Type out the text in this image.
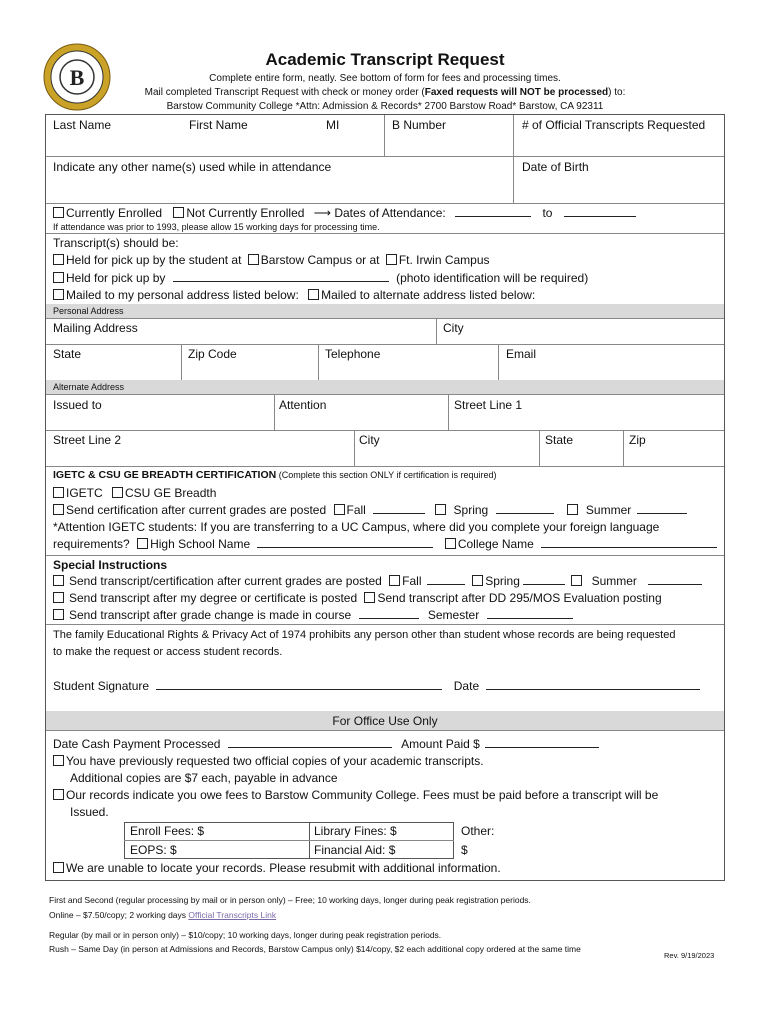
B
Academic Transcript Request
Complete entire form, neatly. See bottom of form for fees and processing times.
Mail completed Transcript Request with check or money order (Faxed requests will NOT be processed) to:
Barstow Community College *Attn: Admission & Records* 2700 Barstow Road* Barstow, CA 92311
Last Name	First Name	MI	B Number	# of Official Transcripts Requested
Indicate any other name(s) used while in attendance	Date of Birth
Currently Enrolled Not Currently Enrolled ⟶ Dates of Attendance:	to
If attendance was prior to 1993, please allow 15 working days for processing time.
Transcript(s) should be:
Held for pick up by the student at Barstow Campus or at Ft. Irwin Campus
Held for pick up by	(photo identification will be required)
Mailed to my personal address listed below: Mailed to alternate address listed below:
Personal Address
Mailing Address	City
State	Zip Code	Telephone	Email
Alternate Address
Issued to	Attention	Street Line 1
Street Line 2	City	State	Zip
IGETC & CSU GE BREADTH CERTIFICATION (Complete this section ONLY if certification is required)
IGETC CSU GE Breadth
Send certification after current grades are posted Fall	Spring	Summer
*Attention IGETC students: If you are transferring to a UC Campus, where did you complete your foreign language
requirements? High School Name	College Name
Special Instructions
Send transcript/certification after current grades are posted Fall	Spring	Summer
Send transcript after my degree or certificate is posted Send transcript after DD 295/MOS Evaluation posting
Send transcript after grade change is made in course	Semester
The family Educational Rights & Privacy Act of 1974 prohibits any person other than student whose records are being requested
to make the request or access student records.
Student Signature	Date
For Office Use Only
Date Cash Payment Processed	Amount Paid $
You have previously requested two official copies of your academic transcripts.
Additional copies are $7 each, payable in advance
Our records indicate you owe fees to Barstow Community College. Fees must be paid before a transcript will be
Issued.
Enroll Fees: $	Library Fines: $	Other:
EOPS: $	Financial Aid: $	$
We are unable to locate your records. Please resubmit with additional information.
First and Second (regular processing by mail or in person only) – Free; 10 working days, longer during peak registration periods.
Online – $7.50/copy; 2 working days Official Transcripts Link
Regular (by mail or in person only) – $10/copy; 10 working days, longer during peak registration periods.
Rush – Same Day (in person at Admissions and Records, Barstow Campus only) $14/copy, $2 each additional copy ordered at the same time
Rev. 9/19/2023
